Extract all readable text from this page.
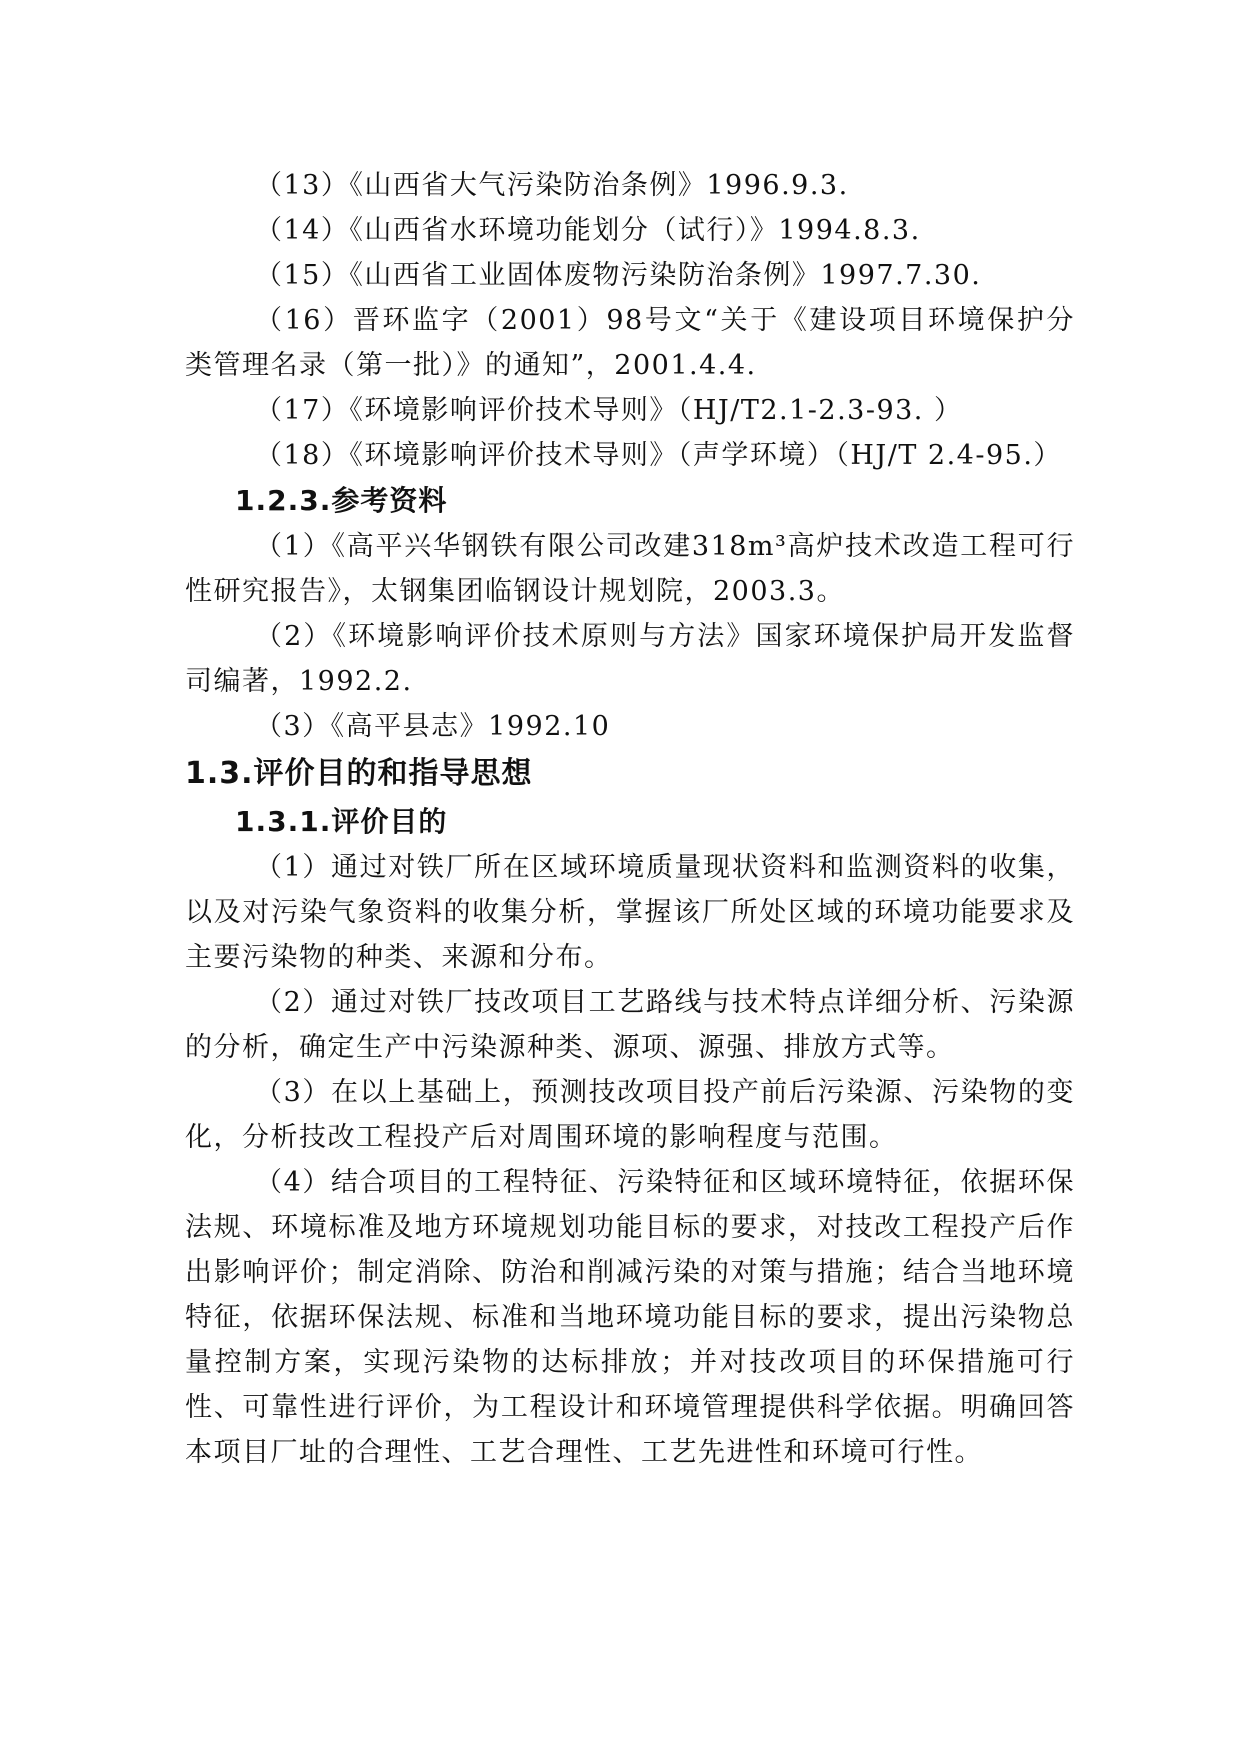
（13）《山西省大气污染防治条例》1996.9.3.

（14）《山西省水环境功能划分（试行）》1994.8.3.

（15）《山西省工业固体废物污染防治条例》1997.7.30.

（16）晋环监字（2001）98号文“关于《建设项目环境保护分类管理名录（第一批）》的通知”，2001.4.4.

（17）《环境影响评价技术导则》（HJ/T2.1-2.3-93. ）

（18）《环境影响评价技术导则》（声学环境）（HJ/T 2.4-95.）

1.2.3.参考资料

（1）《高平兴华钢铁有限公司改建318m³高炉技术改造工程可行性研究报告》，太钢集团临钢设计规划院，2003.3。

（2）《环境影响评价技术原则与方法》国家环境保护局开发监督司编著，1992.2.

（3）《高平县志》1992.10

1.3.评价目的和指导思想
1.3.1.评价目的

（1）通过对铁厂所在区域环境质量现状资料和监测资料的收集，以及对污染气象资料的收集分析，掌握该厂所处区域的环境功能要求及主要污染物的种类、来源和分布。

（2）通过对铁厂技改项目工艺路线与技术特点详细分析、污染源的分析，确定生产中污染源种类、源项、源强、排放方式等。

（3）在以上基础上，预测技改项目投产前后污染源、污染物的变化，分析技改工程投产后对周围环境的影响程度与范围。

（4）结合项目的工程特征、污染特征和区域环境特征，依据环保法规、环境标准及地方环境规划功能目标的要求，对技改工程投产后作出影响评价；制定消除、防治和削减污染的对策与措施；结合当地环境特征，依据环保法规、标准和当地环境功能目标的要求，提出污染物总量控制方案，实现污染物的达标排放；并对技改项目的环保措施可行性、可靠性进行评价，为工程设计和环境管理提供科学依据。明确回答本项目厂址的合理性、工艺合理性、工艺先进性和环境可行性。
